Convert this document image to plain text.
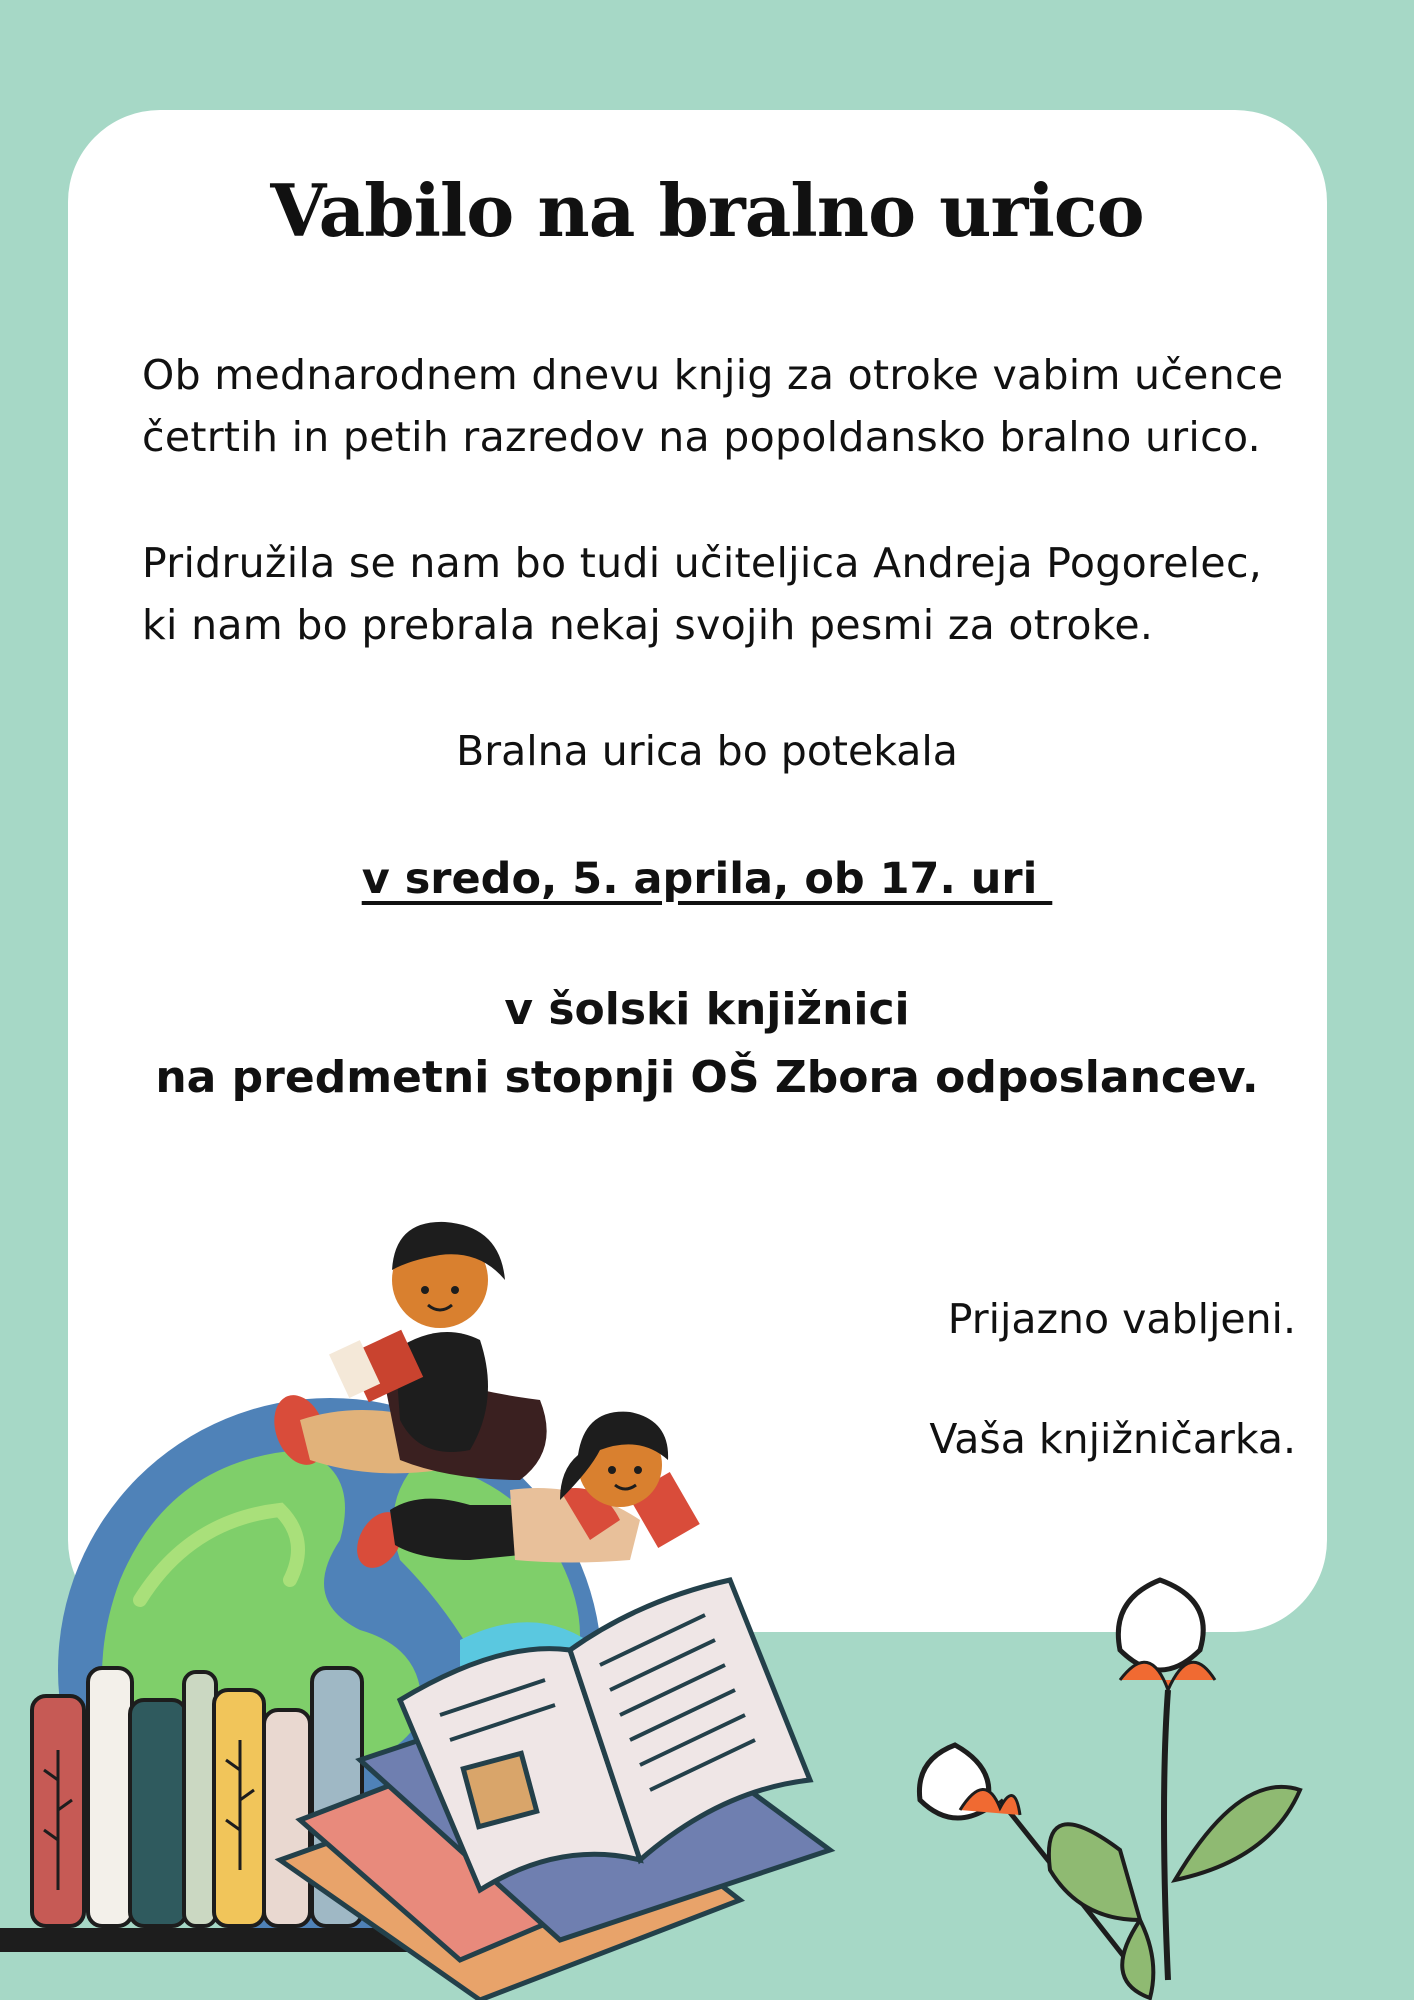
Vabilo na bralno urico

Ob mednarodnem dnevu knjig za otroke vabim učence
četrtih in petih razredov na popoldansko bralno urico.

Pridružila se nam bo tudi učiteljica Andreja Pogorelec,
ki nam bo prebrala nekaj svojih pesmi za otroke.

Bralna urica bo potekala

v sredo, 5. aprila, ob 17. uri

v šolski knjižnici

na predmetni stopnji OŠ Zbora odposlancev.

Prijazno vabljeni.

Vaša knjižničarka.
